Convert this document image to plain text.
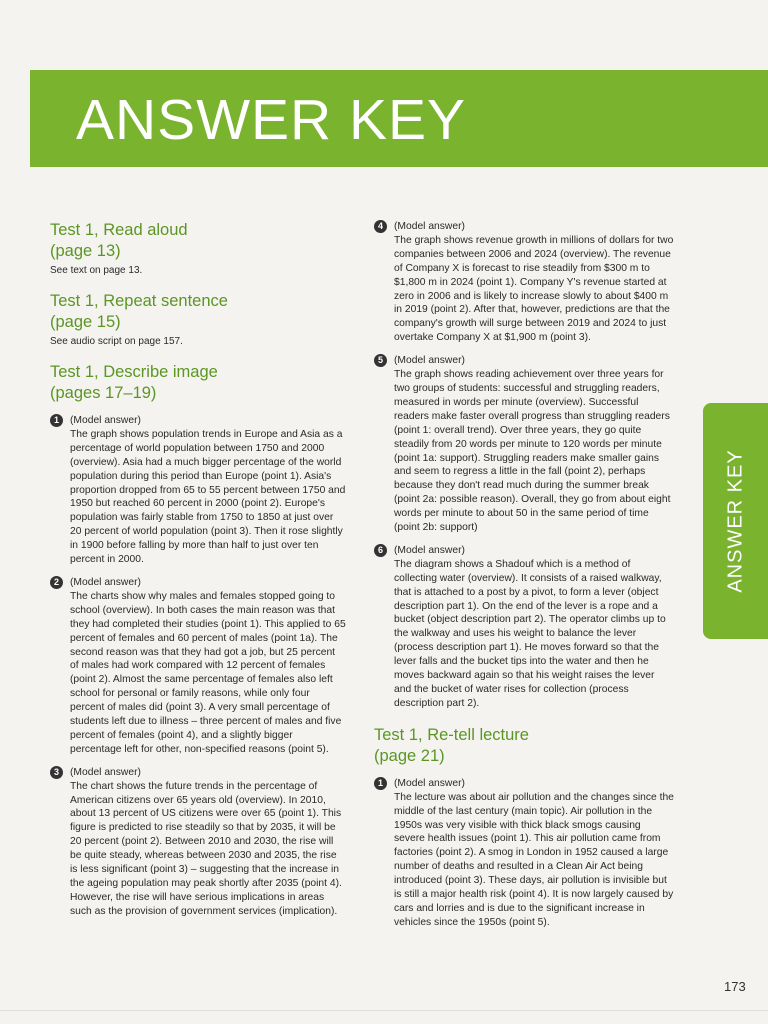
ANSWER KEY
ANSWER KEY
Test 1, Read aloud
(page 13)

See text on page 13.

Test 1, Repeat sentence
(page 15)

See audio script on page 157.

Test 1, Describe image
(pages 17–19)
1	(Model answer)

The graph shows population trends in Europe and Asia as a percentage of world population between 1750 and 2000 (overview). Asia had a much bigger percentage of the world population during this period than Europe (point 1). Asia's proportion dropped from 65 to 55 percent between 1750 and 1950 but reached 60 percent in 2000 (point 2). Europe's population was fairly stable from 1750 to 1850 at just over 20 percent of world population (point 3). Then it rose slightly in 1900 before falling by more than half to just over ten percent in 2000.

2	(Model answer)

The charts show why males and females stopped going to school (overview). In both cases the main reason was that they had completed their studies (point 1). This applied to 65 percent of females and 60 percent of males (point 1a). The second reason was that they had got a job, but 25 percent of males had work compared with 12 percent of females (point 2). Almost the same percentage of females also left school for personal or family reasons, while only four percent of males did (point 3). A very small percentage of students left due to illness – three percent of males and five percent of females (point 4), and a slightly bigger percentage left for other, non-specified reasons (point 5).

3	(Model answer)

The chart shows the future trends in the percentage of American citizens over 65 years old (overview). In 2010, about 13 percent of US citizens were over 65 (point 1). This figure is predicted to rise steadily so that by 2035, it will be 20 percent (point 2). Between 2010 and 2030, the rise will be quite steady, whereas between 2030 and 2035, the rise is less significant (point 3) – suggesting that the increase in the ageing population may peak shortly after 2035 (point 4). However, the rise will have serious implications in areas such as the provision of government services (implication).

4	(Model answer)

The graph shows revenue growth in millions of dollars for two companies between 2006 and 2024 (overview). The revenue of Company X is forecast to rise steadily from $300 m to $1,800 m in 2024 (point 1). Company Y's revenue started at zero in 2006 and is likely to increase slowly to about $400 m in 2019 (point 2). After that, however, predictions are that the company's growth will surge between 2019 and 2024 to just overtake Company X at $1,900 m (point 3).

5	(Model answer)

The graph shows reading achievement over three years for two groups of students: successful and struggling readers, measured in words per minute (overview). Successful readers make faster overall progress than struggling readers (point 1: overall trend). Over three years, they go quite steadily from 20 words per minute to 120 words per minute (point 1a: support). Struggling readers make smaller gains and seem to regress a little in the fall (point 2), perhaps because they don't read much during the summer break (point 2a: possible reason). Overall, they go from about eight words per minute to about 50 in the same period of time (point 2b: support)

6	(Model answer)

The diagram shows a Shadouf which is a method of collecting water (overview). It consists of a raised walkway, that is attached to a post by a pivot, to form a lever (object description part 1). On the end of the lever is a rope and a bucket (object description part 2). The operator climbs up to the walkway and uses his weight to balance the lever (process description part 1). He moves forward so that the lever falls and the bucket tips into the water and then he moves backward again so that his weight raises the lever and the bucket of water rises for collection (process description part 2).

Test 1, Re-tell lecture
(page 21)
1	(Model answer)

The lecture was about air pollution and the changes since the middle of the last century (main topic). Air pollution in the 1950s was very visible with thick black smogs causing severe health issues (point 1). This air pollution came from factories (point 2). A smog in London in 1952 caused a large number of deaths and resulted in a Clean Air Act being introduced (point 3). These days, air pollution is invisible but is still a major health risk (point 4). It is now largely caused by cars and lorries and is due to the significant increase in vehicles since the 1950s (point 5).

173
